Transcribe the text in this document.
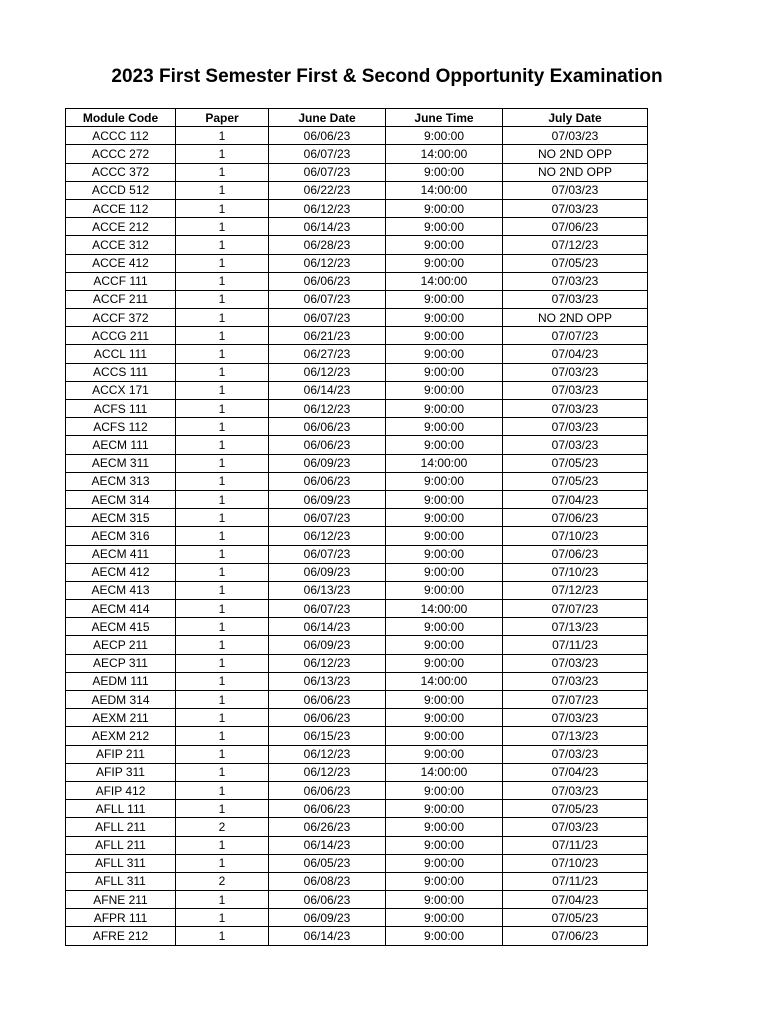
2023 First Semester First & Second Opportunity Examination
Module Code	Paper	June Date	June Time	July Date
ACCC 112	1	06/06/23	9:00:00	07/03/23
ACCC 272	1	06/07/23	14:00:00	NO 2ND OPP
ACCC 372	1	06/07/23	9:00:00	NO 2ND OPP
ACCD 512	1	06/22/23	14:00:00	07/03/23
ACCE 112	1	06/12/23	9:00:00	07/03/23
ACCE 212	1	06/14/23	9:00:00	07/06/23
ACCE 312	1	06/28/23	9:00:00	07/12/23
ACCE 412	1	06/12/23	9:00:00	07/05/23
ACCF 111	1	06/06/23	14:00:00	07/03/23
ACCF 211	1	06/07/23	9:00:00	07/03/23
ACCF 372	1	06/07/23	9:00:00	NO 2ND OPP
ACCG 211	1	06/21/23	9:00:00	07/07/23
ACCL 111	1	06/27/23	9:00:00	07/04/23
ACCS 111	1	06/12/23	9:00:00	07/03/23
ACCX 171	1	06/14/23	9:00:00	07/03/23
ACFS 111	1	06/12/23	9:00:00	07/03/23
ACFS 112	1	06/06/23	9:00:00	07/03/23
AECM 111	1	06/06/23	9:00:00	07/03/23
AECM 311	1	06/09/23	14:00:00	07/05/23
AECM 313	1	06/06/23	9:00:00	07/05/23
AECM 314	1	06/09/23	9:00:00	07/04/23
AECM 315	1	06/07/23	9:00:00	07/06/23
AECM 316	1	06/12/23	9:00:00	07/10/23
AECM 411	1	06/07/23	9:00:00	07/06/23
AECM 412	1	06/09/23	9:00:00	07/10/23
AECM 413	1	06/13/23	9:00:00	07/12/23
AECM 414	1	06/07/23	14:00:00	07/07/23
AECM 415	1	06/14/23	9:00:00	07/13/23
AECP 211	1	06/09/23	9:00:00	07/11/23
AECP 311	1	06/12/23	9:00:00	07/03/23
AEDM 111	1	06/13/23	14:00:00	07/03/23
AEDM 314	1	06/06/23	9:00:00	07/07/23
AEXM 211	1	06/06/23	9:00:00	07/03/23
AEXM 212	1	06/15/23	9:00:00	07/13/23
AFIP 211	1	06/12/23	9:00:00	07/03/23
AFIP 311	1	06/12/23	14:00:00	07/04/23
AFIP 412	1	06/06/23	9:00:00	07/03/23
AFLL 111	1	06/06/23	9:00:00	07/05/23
AFLL 211	2	06/26/23	9:00:00	07/03/23
AFLL 211	1	06/14/23	9:00:00	07/11/23
AFLL 311	1	06/05/23	9:00:00	07/10/23
AFLL 311	2	06/08/23	9:00:00	07/11/23
AFNE 211	1	06/06/23	9:00:00	07/04/23
AFPR 111	1	06/09/23	9:00:00	07/05/23
AFRE 212	1	06/14/23	9:00:00	07/06/23
